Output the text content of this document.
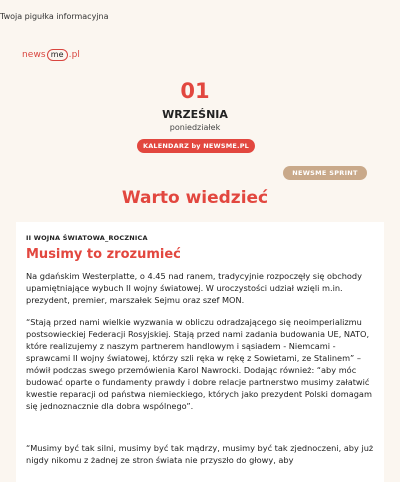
Twoja pigułka informacyjna
news me .pl
01
WRZEŚNIA
poniedziałek
KALENDARZ by NEWSME.PL
NEWSME SPRINT
Warto wiedzieć
II WOJNA ŚWIATOWA_ROCZNICA
Musimy to zrozumieć
Na gdańskim Westerplatte, o 4.45 nad ranem, tradycyjnie rozpoczęły się obchody upamiętniające wybuch II wojny światowej. W uroczystości udział wzięli m.in. prezydent, premier, marszałek Sejmu oraz szef MON.
“Stają przed nami wielkie wyzwania w obliczu odradzającego się neoimperializmu postsowieckiej Federacji Rosyjskiej. Stają przed nami zadania budowania UE, NATO, które realizujemy z naszym partnerem handlowym i sąsiadem - Niemcami - sprawcami II wojny światowej, którzy szli ręka w rękę z Sowietami, ze Stalinem” – mówił podczas swego przemówienia Karol Nawrocki. Dodając również: “aby móc budować oparte o fundamenty prawdy i dobre relacje partnerstwo musimy załatwić kwestie reparacji od państwa niemieckiego, których jako prezydent Polski domagam się jednoznacznie dla dobra wspólnego”.
“Musimy być tak silni, musimy być tak mądrzy, musimy być tak zjednoczeni, aby już nigdy nikomu z żadnej ze stron świata nie przyszło do głowy, aby
